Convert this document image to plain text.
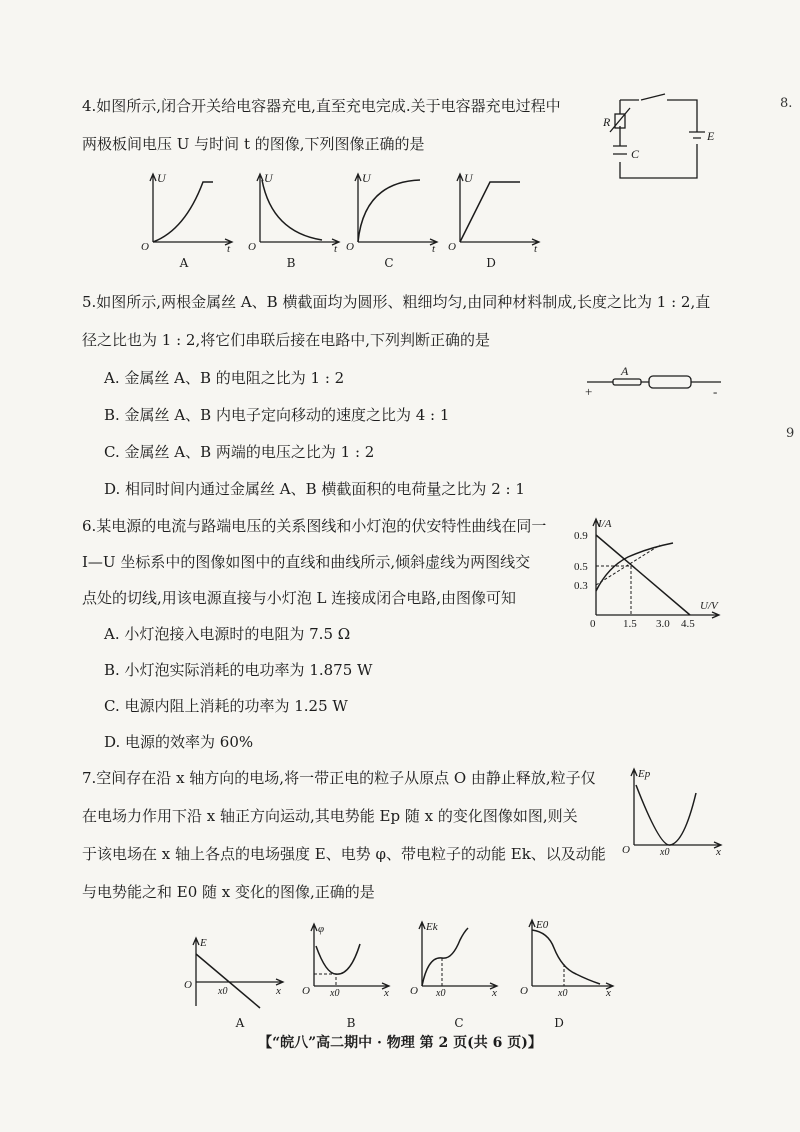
4.如图所示,闭合开关给电容器充电,直至充电完成.关于电容器充电过程中
两极板间电压 U 与时间 t 的图像,下列图像正确的是
R
C
E
U
O	t
A
U
O	t
B
U
O	t
C
U
O	t
D
5.如图所示,两根金属丝 A、B 横截面均为圆形、粗细均匀,由同种材料制成,长度之比为 1 : 2,直
径之比也为 1 : 2,将它们串联后接在电路中,下列判断正确的是
A. 金属丝 A、B 的电阻之比为 1 : 2
B. 金属丝 A、B 内电子定向移动的速度之比为 4 : 1
C. 金属丝 A、B 两端的电压之比为 1 : 2
D. 相同时间内通过金属丝 A、B 横截面积的电荷量之比为 2 : 1
A
+	-
6.某电源的电流与路端电压的关系图线和小灯泡的伏安特性曲线在同一
I—U 坐标系中的图像如图中的直线和曲线所示,倾斜虚线为两图线交
点处的切线,用该电源直接与小灯泡 L 连接成闭合电路,由图像可知
A. 小灯泡接入电源时的电阻为 7.5 Ω
B. 小灯泡实际消耗的电功率为 1.875 W
C. 电源内阻上消耗的功率为 1.25 W
D. 电源的效率为 60%
I/A
U/V
0
0.9
0.5
0.3
1.5 3.0 4.5
7.空间存在沿 x 轴方向的电场,将一带正电的粒子从原点 O 由静止释放,粒子仅
在电场力作用下沿 x 轴正方向运动,其电势能 Ep 随 x 的变化图像如图,则关
于该电场在 x 轴上各点的电场强度 E、电势 φ、带电粒子的动能 Ek、以及动能
与电势能之和 E0 随 x 变化的图像,正确的是
Ep
O	x0	x
E
O
x0	x
A
φ
O x0	x
B
Ek
O x0	x
C
E0
O	x0	x
D
【“皖八”高二期中 · 物理 第 2 页(共 6 页)】
8.
9
